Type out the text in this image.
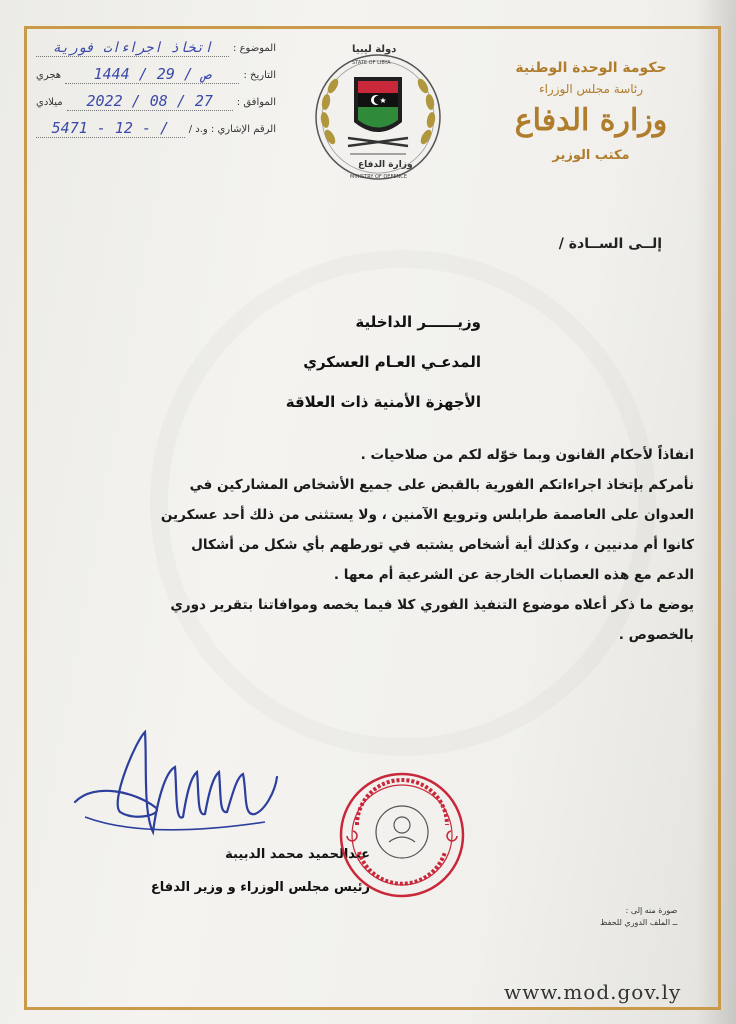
حكومة الوحدة الوطنية
رئاسة مجلس الوزراء
وزارة الدفاع
مكتب الوزير
دولة ليبيا
STATE OF LIBYA
وزارة الدفاع
MINISTRY OF DEFENCE
الموضوع :
اتخاذ اجراءات فورية
التاريخ :
1444 / ص / 29
هجري
الموافق :
2022 / 08 / 27
ميلادي
الرقم الإشاري : و.د /
5471 - 12 - /
إلــى الســادة /
وزيــــــر الداخلية
المدعـي العـام العسكري
الأجهزة الأمنية ذات العلاقة

انفاذاً لأحكام القانون وبما خوّله لكم من صلاحيات .

نأمركم بإتخاذ اجراءاتكم الفورية بالقبض على جميع الأشخاص المشاركين في

العدوان على العاصمة طرابلس وترويع الآمنين ، ولا يستثنى من ذلك أحد عسكرين

كانوا أم مدنيين ، وكذلك أية أشخاص يشتبه في تورطهم بأي شكل من أشكال

الدعم مع هذه العصابات الخارجة عن الشرعية أم معها .

يوضع ما ذكر أعلاه موضوع التنفيذ الفوري كلا فيما يخصه وموافاتنا بتقرير دوري

بالخصوص .

عبدالحميد محمد الدبيبة
رئيس مجلس الوزراء و وزير الدفاع
صورة منه إلى :
ــ الملف الدوري للحفظ
www.mod.gov.ly
